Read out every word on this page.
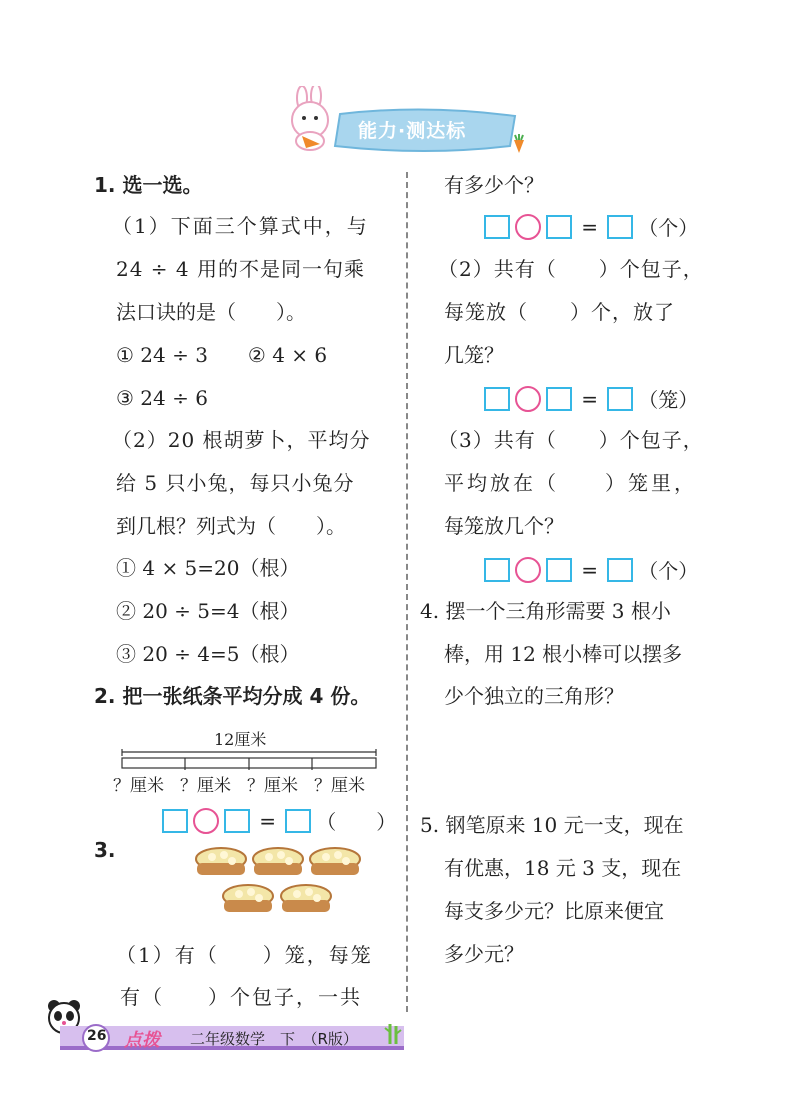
能力·测达标
1. 选一选。
（1）下面三个算式中，与
24 ÷ 4 用的不是同一句乘
法口诀的是（　　）。
① 24 ÷ 3　　② 4 × 6
③ 24 ÷ 6
（2）20 根胡萝卜，平均分
给 5 只小兔，每只小兔分
到几根？列式为（　　）。
① 4 × 5=20（根）
② 20 ÷ 5=4（根）
③ 20 ÷ 4=5（根）
2. 把一张纸条平均分成 4 份。
12厘米
？厘米 ？厘米 ？厘米 ？厘米
= （　　）
3.
（1）有（　　）笼，每笼
有（　　）个包子，一共
有多少个？
= （个）
（2）共有（　　）个包子，
每笼放（　　）个，放了
几笼？
= （笼）
（3）共有（　　）个包子，
平均放在（　　）笼里，
每笼放几个？
= （个）
4. 摆一个三角形需要 3 根小
棒，用 12 根小棒可以摆多
少个独立的三角形？
5. 钢笔原来 10 元一支，现在
有优惠，18 元 3 支，现在
每支多少元？比原来便宜
多少元？
26 点拨 二年级数学　下　（R版）
